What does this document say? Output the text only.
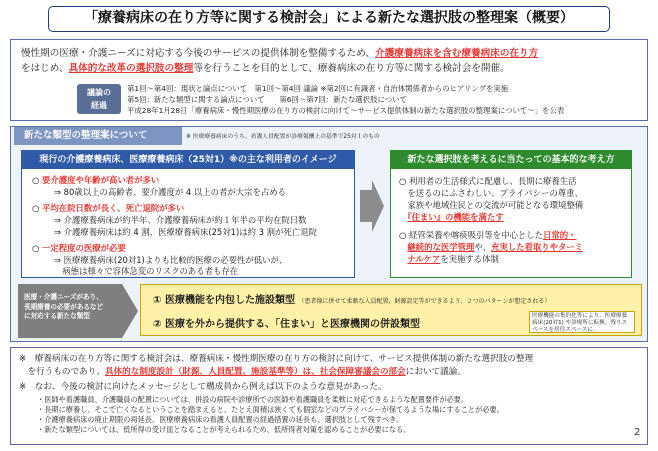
「療養病床の在り方等に関する検討会」による新たな選択肢の整理案（概要）
慢性期の医療・介護ニーズに対応する今後のサービスの提供体制を整備するため、介護療養病床を含む療養病床の在り方
をはじめ、具体的な改革の選択肢の整理等を行うことを目的として、療養病床の在り方等に関する検討会を開催。
議論の
経過
第1回～第4回：現状と論点について　第1回～第4回 議論 ※第2回に有識者・自治体関係者からのヒアリングを実施
第5回：新たな類型に関する論点について　　第6回～第7回：新たな選択肢について
平成28年1月28日「療養病床・慢性期医療の在り方の検討に向けて～サービス提供体制の新たな選択肢の整理案について～」を公表
新たな類型の整理案について	※ 医療療養病床のうち、看護人員配置が診療報酬上の基準で25対１のもの
現行の介護療養病床、医療療養病床（25対1）※の主な利用者のイメージ
○ 要介護度や年齢が高い者が多い
⇒ 80歳以上の高齢者、要介護度が 4 以上の者が大宗を占める
○ 平均在院日数が長く、死亡退院が多い
⇒ 介護療養病床が約半年、介護療養病床が約１年半の平均在院日数
⇒ 介護療養病床は約 4 割、医療療養病床(25対1)は約 3 割が死亡退院
○ 一定程度の医療が必要
⇒ 医療療養病床(20対1)よりも比較的医療の必要性が低いが、
　病態は様々で容体急変のリスクのある者も存在
新たな選択肢を考えるに当たっての基本的な考え方
○ 利用者の生活様式に配慮し、長期に療養生活
　を送るのにふさわしい、プライバシーの尊重、
　家族や地域住民との交流が可能となる環境整備
　『住まい』の機能を満たす
○ 経管栄養や喀痰吸引等を中心とした日常的・
　継続的な医学管理や、充実した看取りやターミ
　ナルケアを実施する体制
医療・介護ニーズがあり、
長期療養の必要があるなど
に対応する新たな類型
① 医療機能を内包した施設類型 （患者像に併せて柔軟な人員配置、財源設定等ができるよう、２つのパターンが想定される）
② 医療を外から提供する、「住まい」と医療機関の併設類型
医療機能の集約化等により、医療療養病床(20対1) や診療所に転換。残りスペースを居住スペースに。
※　療養病床の在り方等に関する検討会は、療養病床・慢性期医療の在り方の検討に向けて、サービス提供体制の新たな選択肢の整理
　を行うものであり、具体的な制度設計（財源、人員配置、施設基準等）は、社会保障審議会の部会において議論。
※　なお、今後の検討に向けたメッセージとして構成員から例えば以下のような意見があった。
・医師や看護職員、介護職員の配置については、併設の病院や診療所での医師や看護職員を柔軟に対応できるような配置要件が必要。
・長期に療養し、そこで亡くなるということを踏まえると、たとえ面積は狭くても個室などのプライバシーが保てるような場にすることが必要。
・介護療養病床の廃止期限の再延長、医療療養病床の看護人員配置の経過措置の延長も、選択肢として残すべき。
・新たな類型については、低所得の受け皿となることが考えられるため、低所得者対策を認めることが必要になる。	2
